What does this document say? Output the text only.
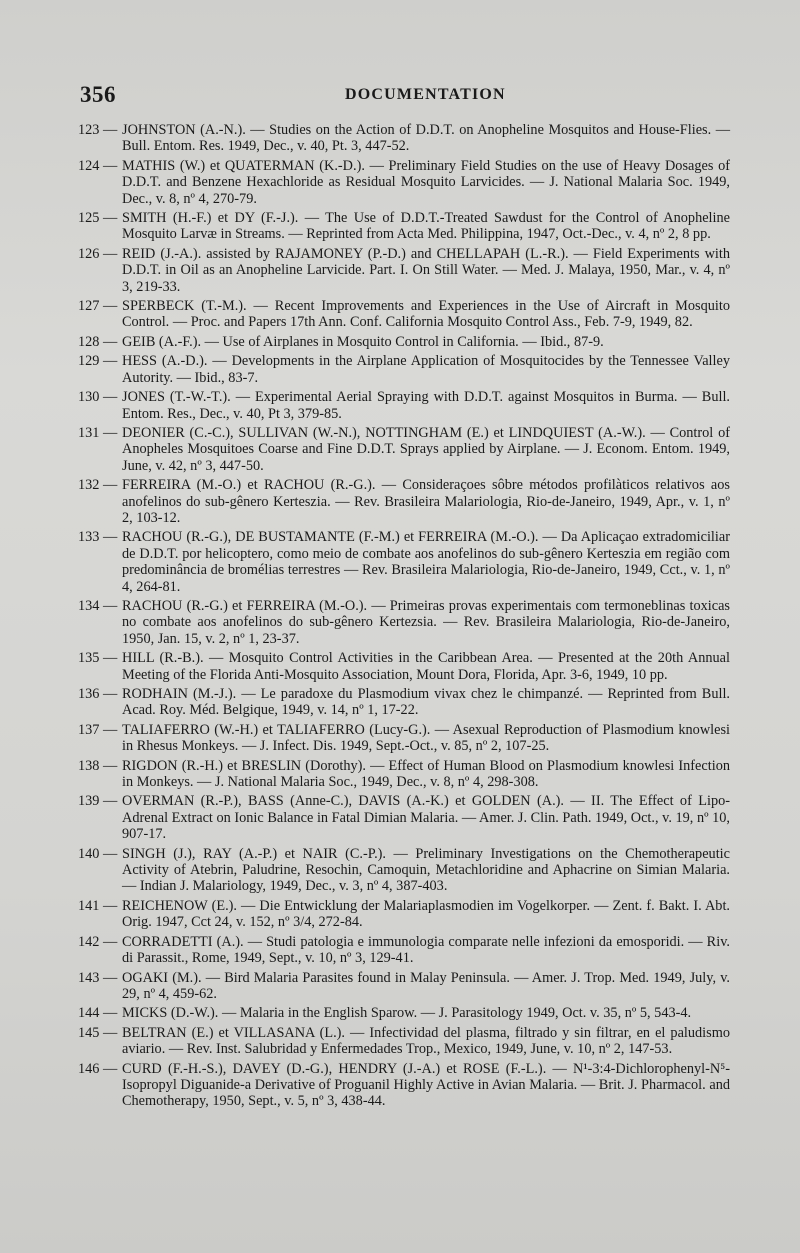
356	DOCUMENTATION
123 — JOHNSTON (A.-N.). — Studies on the Action of D.D.T. on Anopheline Mosquitos and House-Flies. — Bull. Entom. Res. 1949, Dec., v. 40, Pt. 3, 447-52.
124 — MATHIS (W.) et QUATERMAN (K.-D.). — Preliminary Field Studies on the use of Heavy Dosages of D.D.T. and Benzene Hexachloride as Residual Mosquito Larvicides. — J. National Malaria Soc. 1949, Dec., v. 8, nº 4, 270-79.
125 — SMITH (H.-F.) et DY (F.-J.). — The Use of D.D.T.-Treated Sawdust for the Control of Anopheline Mosquito Larvæ in Streams. — Reprinted from Acta Med. Philippina, 1947, Oct.-Dec., v. 4, nº 2, 8 pp.
126 — REID (J.-A.). assisted by RAJAMONEY (P.-D.) and CHELLAPAH (L.-R.). — Field Experiments with D.D.T. in Oil as an Anopheline Larvicide. Part. I. On Still Water. — Med. J. Malaya, 1950, Mar., v. 4, nº 3, 219-33.
127 — SPERBECK (T.-M.). — Recent Improvements and Experiences in the Use of Aircraft in Mosquito Control. — Proc. and Papers 17th Ann. Conf. California Mosquito Control Ass., Feb. 7-9, 1949, 82.
128 — GEIB (A.-F.). — Use of Airplanes in Mosquito Control in California. — Ibid., 87-9.
129 — HESS (A.-D.). — Developments in the Airplane Application of Mosquitocides by the Tennessee Valley Autority. — Ibid., 83-7.
130 — JONES (T.-W.-T.). — Experimental Aerial Spraying with D.D.T. against Mosquitos in Burma. — Bull. Entom. Res., Dec., v. 40, Pt 3, 379-85.
131 — DEONIER (C.-C.), SULLIVAN (W.-N.), NOTTINGHAM (E.) et LINDQUIEST (A.-W.). — Control of Anopheles Mosquitoes Coarse and Fine D.D.T. Sprays applied by Airplane. — J. Econom. Entom. 1949, June, v. 42, nº 3, 447-50.
132 — FERREIRA (M.-O.) et RACHOU (R.-G.). — Consideraçoes sôbre métodos profilàticos relativos aos anofelinos do sub-gênero Kerteszia. — Rev. Brasileira Malariologia, Rio-de-Janeiro, 1949, Apr., v. 1, nº 2, 103-12.
133 — RACHOU (R.-G.), DE BUSTAMANTE (F.-M.) et FERREIRA (M.-O.). — Da Aplicaçao extradomiciliar de D.D.T. por helicoptero, como meio de combate aos anofelinos do sub-gênero Kerteszia em região com predominância de bromélias terrestres — Rev. Brasileira Malariologia, Rio-de-Janeiro, 1949, Cct., v. 1, nº 4, 264-81.
134 — RACHOU (R.-G.) et FERREIRA (M.-O.). — Primeiras provas experimentais com termoneblinas toxicas no combate aos anofelinos do sub-gênero Kertezsia. — Rev. Brasileira Malariologia, Rio-de-Janeiro, 1950, Jan. 15, v. 2, nº 1, 23-37.
135 — HILL (R.-B.). — Mosquito Control Activities in the Caribbean Area. — Presented at the 20th Annual Meeting of the Florida Anti-Mosquito Association, Mount Dora, Florida, Apr. 3-6, 1949, 10 pp.
136 — RODHAIN (M.-J.). — Le paradoxe du Plasmodium vivax chez le chimpanzé. — Reprinted from Bull. Acad. Roy. Méd. Belgique, 1949, v. 14, nº 1, 17-22.
137 — TALIAFERRO (W.-H.) et TALIAFERRO (Lucy-G.). — Asexual Reproduction of Plasmodium knowlesi in Rhesus Monkeys. — J. Infect. Dis. 1949, Sept.-Oct., v. 85, nº 2, 107-25.
138 — RIGDON (R.-H.) et BRESLIN (Dorothy). — Effect of Human Blood on Plasmodium knowlesi Infection in Monkeys. — J. National Malaria Soc., 1949, Dec., v. 8, nº 4, 298-308.
139 — OVERMAN (R.-P.), BASS (Anne-C.), DAVIS (A.-K.) et GOLDEN (A.). — II. The Effect of Lipo-Adrenal Extract on Ionic Balance in Fatal Dimian Malaria. — Amer. J. Clin. Path. 1949, Oct., v. 19, nº 10, 907-17.
140 — SINGH (J.), RAY (A.-P.) et NAIR (C.-P.). — Preliminary Investigations on the Chemotherapeutic Activity of Atebrin, Paludrine, Resochin, Camoquin, Metachloridine and Aphacrine on Simian Malaria. — Indian J. Malariology, 1949, Dec., v. 3, nº 4, 387-403.
141 — REICHENOW (E.). — Die Entwicklung der Malariaplasmodien im Vogelkorper. — Zent. f. Bakt. I. Abt. Orig. 1947, Cct 24, v. 152, nº 3/4, 272-84.
142 — CORRADETTI (A.). — Studi patologia e immunologia comparate nelle infezioni da emosporidi. — Riv. di Parassit., Rome, 1949, Sept., v. 10, nº 3, 129-41.
143 — OGAKI (M.). — Bird Malaria Parasites found in Malay Peninsula. — Amer. J. Trop. Med. 1949, July, v. 29, nº 4, 459-62.
144 — MICKS (D.-W.). — Malaria in the English Sparow. — J. Parasitology 1949, Oct. v. 35, nº 5, 543-4.
145 — BELTRAN (E.) et VILLASANA (L.). — Infectividad del plasma, filtrado y sin filtrar, en el paludismo aviario. — Rev. Inst. Salubridad y Enfermedades Trop., Mexico, 1949, June, v. 10, nº 2, 147-53.
146 — CURD (F.-H.-S.), DAVEY (D.-G.), HENDRY (J.-A.) et ROSE (F.-L.). — N¹-3:4-Dichlorophenyl-N⁵-Isopropyl Diguanide-a Derivative of Proguanil Highly Active in Avian Malaria. — Brit. J. Pharmacol. and Chemotherapy, 1950, Sept., v. 5, nº 3, 438-44.
